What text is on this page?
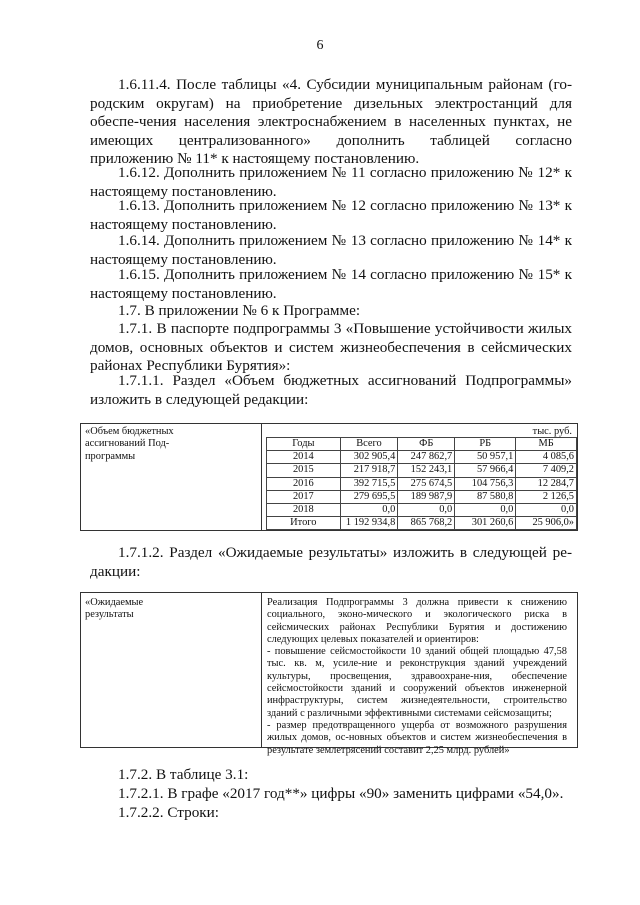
6
1.6.11.4. После таблицы «4. Субсидии муниципальным районам (го-
родским округам) на приобретение дизельных электростанций для обеспе-чения населения электроснабжением в населенных пунктах, не имеющих централизованного» дополнить таблицей согласно приложению № 11* к настоящему постановлению.
1.6.12. Дополнить приложением № 11 согласно приложению № 12* к
настоящему постановлению.
1.6.13. Дополнить приложением № 12 согласно приложению № 13* к
настоящему постановлению.
1.6.14. Дополнить приложением № 13 согласно приложению № 14* к
настоящему постановлению.
1.6.15. Дополнить приложением № 14 согласно приложению № 15* к
настоящему постановлению.
1.7. В приложении № 6 к Программе:
1.7.1. В паспорте подпрограммы 3 «Повышение устойчивости жилых
домов, основных объектов и систем жизнеобеспечения в сейсмических районах Республики Бурятия»:
1.7.1.1. Раздел «Объем бюджетных ассигнований Подпрограммы»
изложить в следующей редакции:
«Объем бюджетных ассигнований Под-программы
тыс. руб.
Годы	Всего	ФБ	РБ	МБ
2014	302 905,4	247 862,7	50 957,1	4 085,6
2015	217 918,7	152 243,1	57 966,4	7 409,2
2016	392 715,5	275 674,5	104 756,3	12 284,7
2017	279 695,5	189 987,9	87 580,8	2 126,5
2018	0,0	0,0	0,0	0,0
Итого	1 192 934,8	865 768,2	301 260,6	25 906,0»
1.7.1.2. Раздел «Ожидаемые результаты» изложить в следующей ре-
дакции:
«Ожидаемые результаты
Реализация Подпрограммы 3 должна привести к снижению социального, эконо-мического и экологического риска в сейсмических районах Республики Бурятия и достижению следующих целевых показателей и ориентиров:
- повышение сейсмостойкости 10 зданий общей площадью 47,58 тыс. кв. м, усиле-ние и реконструкция зданий учреждений культуры, просвещения, здравоохране-ния, обеспечение сейсмостойкости зданий и сооружений объектов инженерной инфраструктуры, систем жизнедеятельности, строительство зданий с различными эффективными системами сейсмозащиты;
- размер предотвращенного ущерба от возможного разрушения жилых домов, ос-новных объектов и систем жизнеобеспечения в результате землетрясений составит 2,25 млрд. рублей»
1.7.2. В таблице 3.1:
1.7.2.1. В графе «2017 год**» цифры «90» заменить цифрами «54,0».
1.7.2.2. Строки:
